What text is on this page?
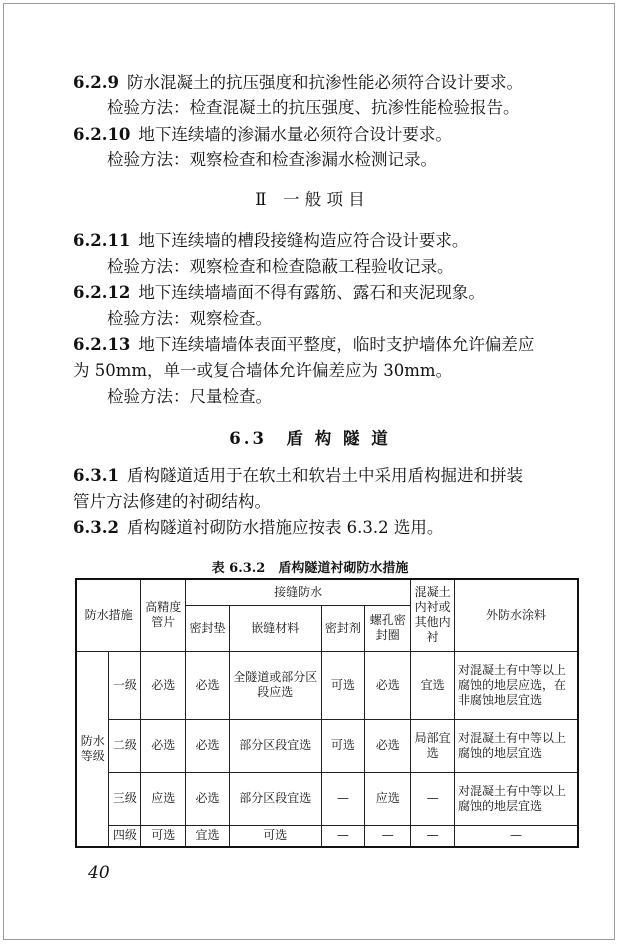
6.2.9 防水混凝土的抗压强度和抗渗性能必须符合设计要求。
检验方法：检查混凝土的抗压强度、抗渗性能检验报告。
6.2.10 地下连续墙的渗漏水量必须符合设计要求。
检验方法：观察检查和检查渗漏水检测记录。
Ⅱ　一 般 项 目
6.2.11 地下连续墙的槽段接缝构造应符合设计要求。
检验方法：观察检查和检查隐蔽工程验收记录。
6.2.12 地下连续墙墙面不得有露筋、露石和夹泥现象。
检验方法：观察检查。
6.2.13 地下连续墙墙体表面平整度，临时支护墙体允许偏差应
为 50mm，单一或复合墙体允许偏差应为 30mm。
检验方法：尺量检查。
6.3　盾 构 隧 道
6.3.1 盾构隧道适用于在软土和软岩土中采用盾构掘进和拼装
管片方法修建的衬砌结构。
6.3.2 盾构隧道衬砌防水措施应按表 6.3.2 选用。
表 6.3.2　盾构隧道衬砌防水措施
防水措施		高精度管片	接缝防水				混凝土内衬或其他内衬	外防水涂料
			密封垫	嵌缝材料	密封剂	螺孔密封圈		
防水等级	一级	必选	必选	全隧道或部分区段应选	可选	必选	宜选	对混凝土有中等以上腐蚀的地层应选，在非腐蚀地层宜选
	二级	必选	必选	部分区段宜选	可选	必选	局部宜选	对混凝土有中等以上腐蚀的地层宜选
	三级	应选	必选	部分区段宜选	—	应选	—	对混凝土有中等以上腐蚀的地层宜选
	四级	可选	宜选	可选	—	—	—	—
40
